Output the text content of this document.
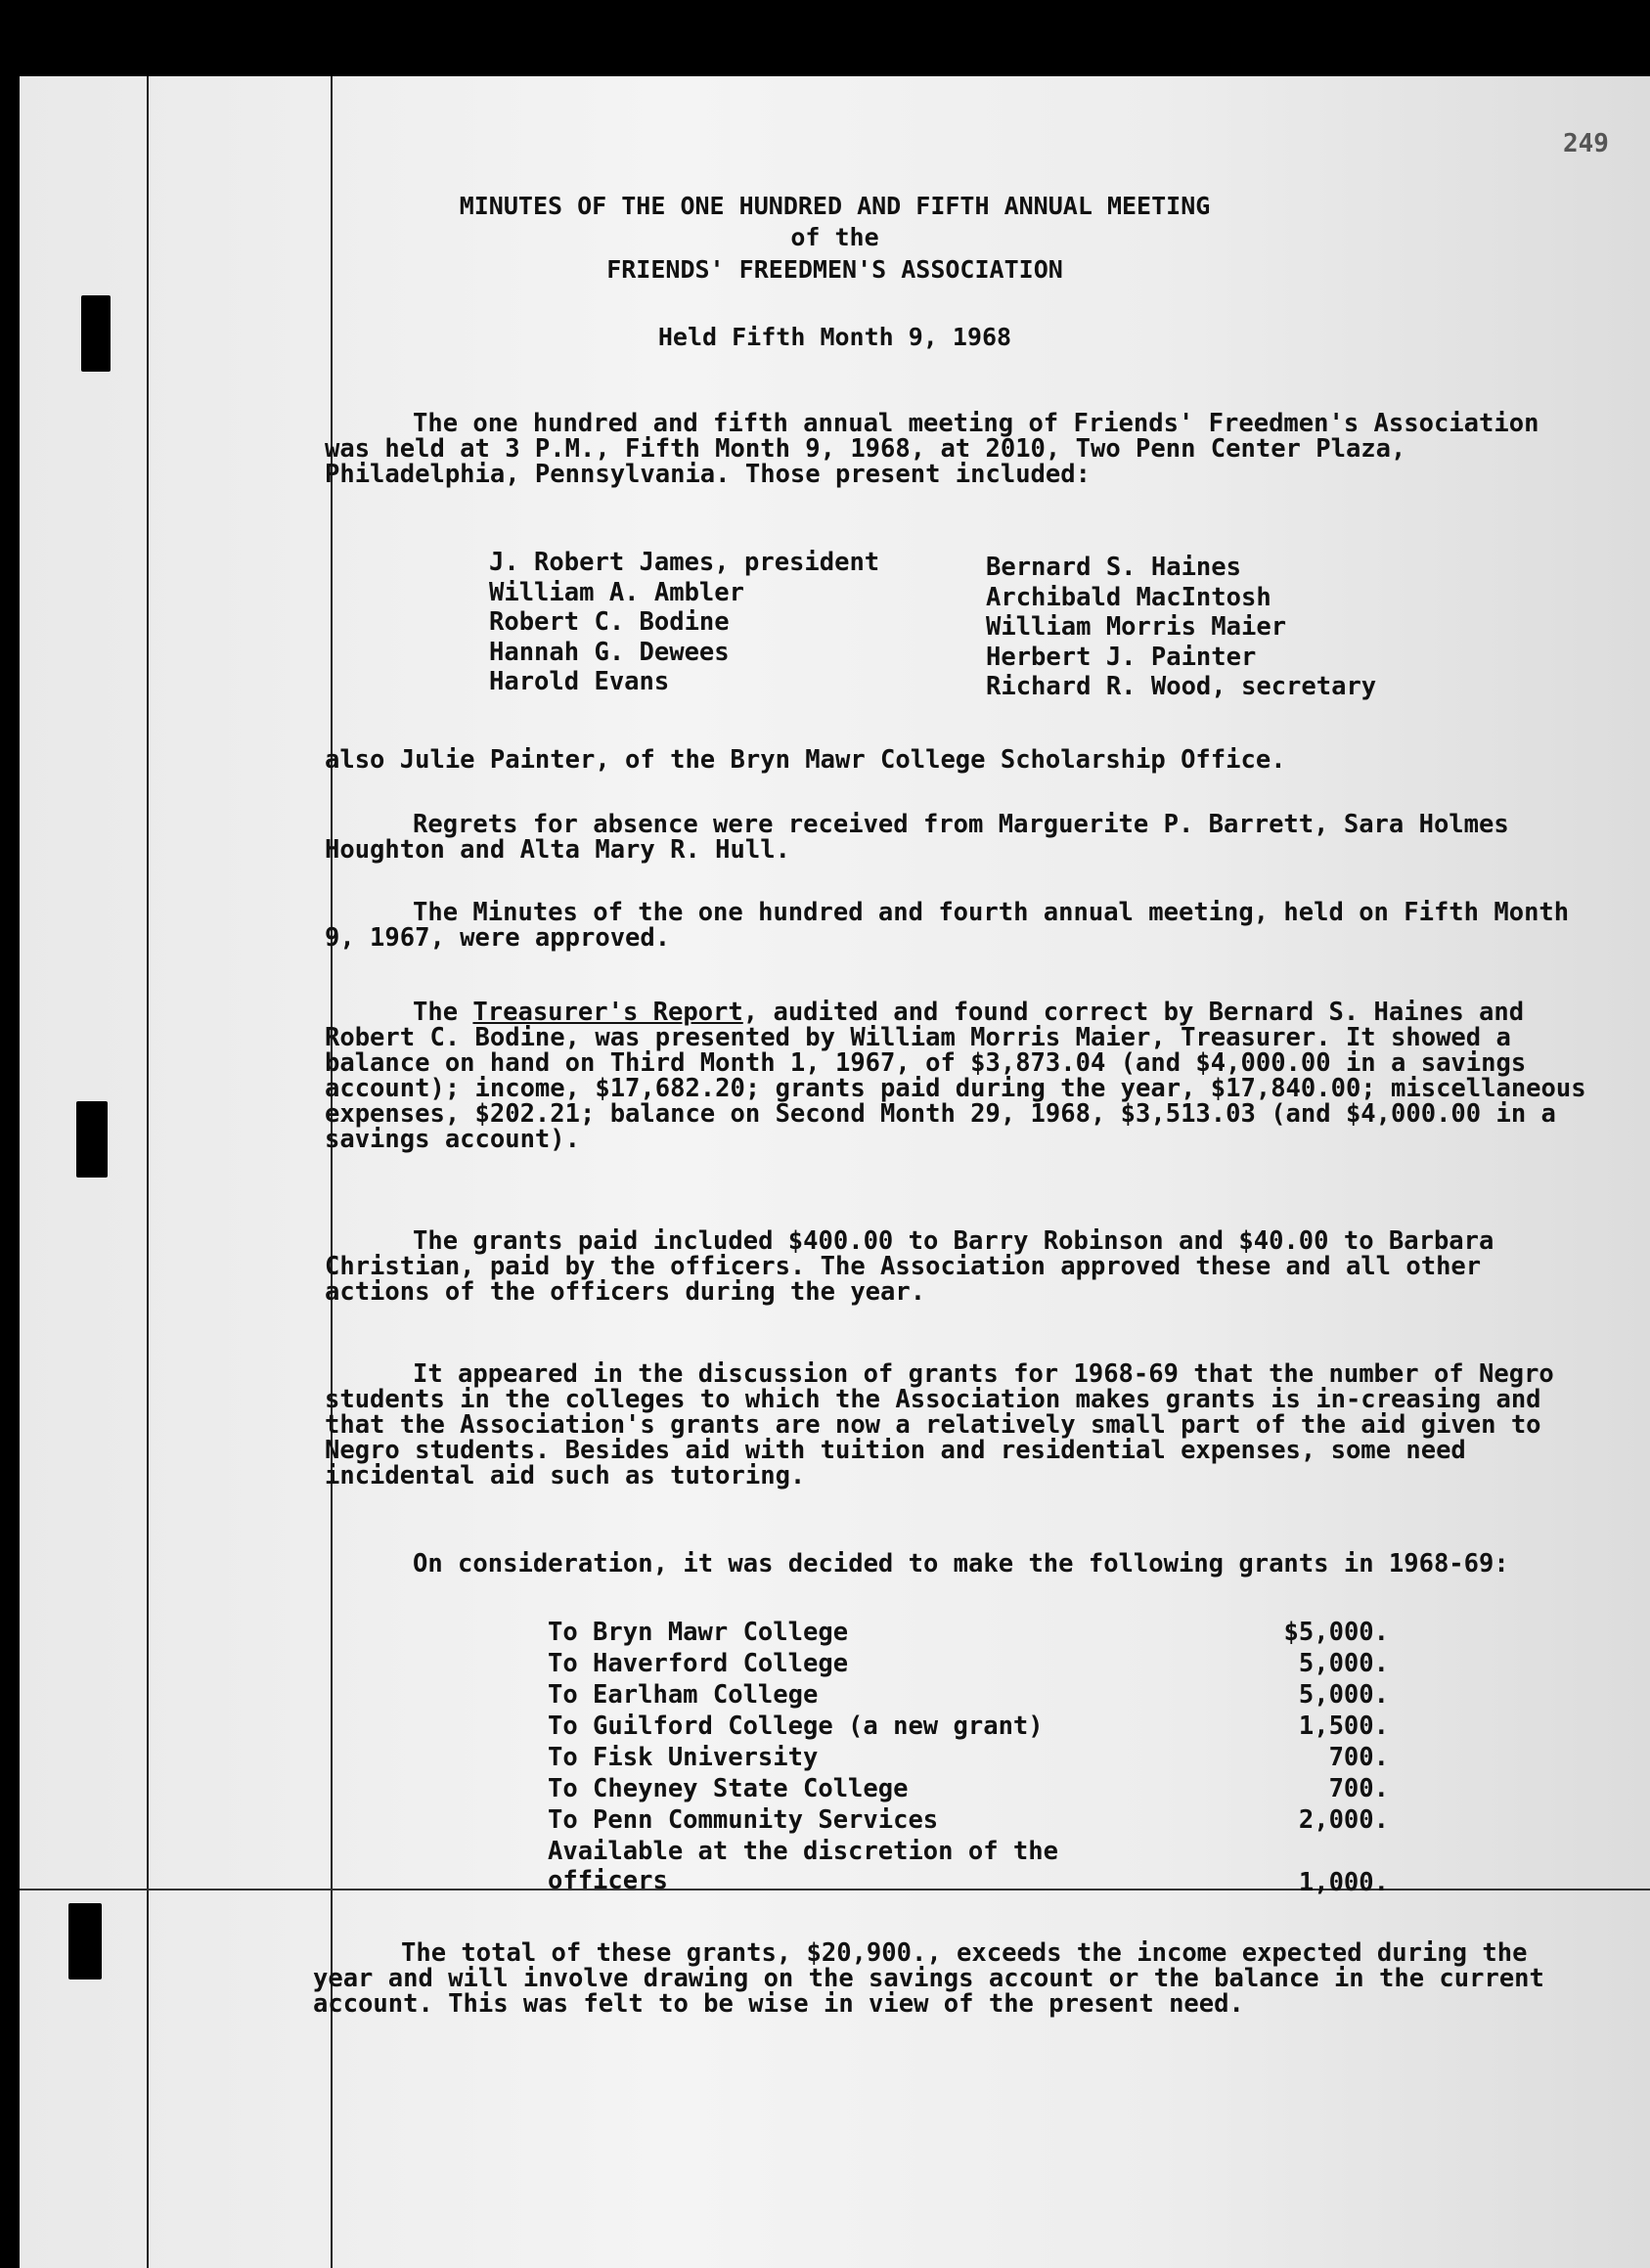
249
MINUTES OF THE ONE HUNDRED AND FIFTH ANNUAL MEETING
of the
FRIENDS' FREEDMEN'S ASSOCIATION
Held Fifth Month 9, 1968

The one hundred and fifth annual meeting of Friends' Freedmen's Association was held at 3 P.M., Fifth Month 9, 1968, at 2010, Two Penn Center Plaza, Philadelphia, Pennsylvania. Those present included:

J. Robert James, president
William A. Ambler
Robert C. Bodine
Hannah G. Dewees
Harold Evans
Bernard S. Haines
Archibald MacIntosh
William Morris Maier
Herbert J. Painter
Richard R. Wood, secretary

also Julie Painter, of the Bryn Mawr College Scholarship Office.

Regrets for absence were received from Marguerite P. Barrett, Sara Holmes Houghton and Alta Mary R. Hull.

The Minutes of the one hundred and fourth annual meeting, held on Fifth Month 9, 1967, were approved.

The Treasurer's Report, audited and found correct by Bernard S. Haines and Robert C. Bodine, was presented by William Morris Maier, Treasurer. It showed a balance on hand on Third Month 1, 1967, of $3,873.04 (and $4,000.00 in a savings account); income, $17,682.20; grants paid during the year, $17,840.00; miscellaneous expenses, $202.21; balance on Second Month 29, 1968, $3,513.03 (and $4,000.00 in a savings account).

The grants paid included $400.00 to Barry Robinson and $40.00 to Barbara Christian, paid by the officers. The Association approved these and all other actions of the officers during the year.

It appeared in the discussion of grants for 1968-69 that the number of Negro students in the colleges to which the Association makes grants is in-creasing and that the Association's grants are now a relatively small part of the aid given to Negro students. Besides aid with tuition and residential expenses, some need incidental aid such as tutoring.

On consideration, it was decided to make the following grants in 1968-69:

To Bryn Mawr College	$5,000.
To Haverford College	5,000.
To Earlham College	5,000.
To Guilford College (a new grant)	1,500.
To Fisk University	700.
To Cheyney State College	700.
To Penn Community Services	2,000.
Available at the discretion of the
officers	1,000.

The total of these grants, $20,900., exceeds the income expected during the year and will involve drawing on the savings account or the balance in the current account. This was felt to be wise in view of the present need.
